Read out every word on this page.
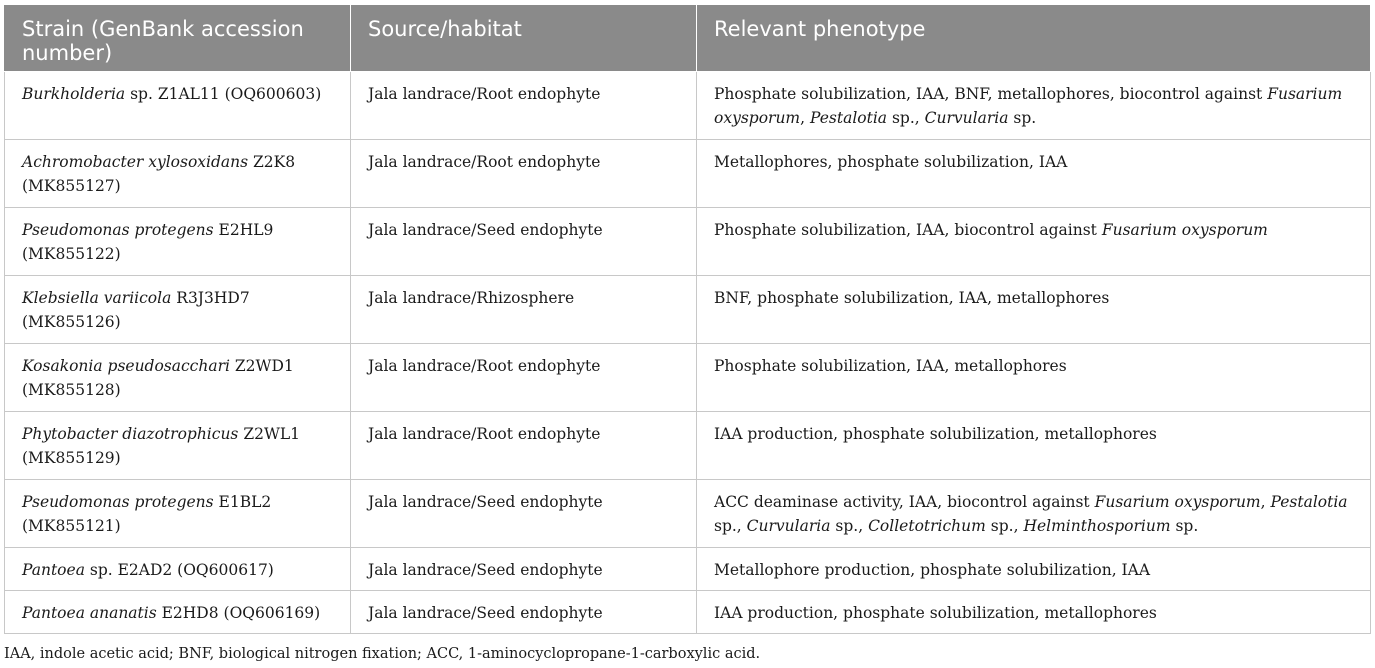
Strain (GenBank accession number)	Source/habitat	Relevant phenotype
Burkholderia sp. Z1AL11 (OQ600603)	Jala landrace/Root endophyte	Phosphate solubilization, IAA, BNF, metallophores, biocontrol against Fusarium oxysporum, Pestalotia sp., Curvularia sp.
Achromobacter xylosoxidans Z2K8 (MK855127)	Jala landrace/Root endophyte	Metallophores, phosphate solubilization, IAA
Pseudomonas protegens E2HL9 (MK855122)	Jala landrace/Seed endophyte	Phosphate solubilization, IAA, biocontrol against Fusarium oxysporum
Klebsiella variicola R3J3HD7 (MK855126)	Jala landrace/Rhizosphere	BNF, phosphate solubilization, IAA, metallophores
Kosakonia pseudosacchari Z2WD1 (MK855128)	Jala landrace/Root endophyte	Phosphate solubilization, IAA, metallophores
Phytobacter diazotrophicus Z2WL1 (MK855129)	Jala landrace/Root endophyte	IAA production, phosphate solubilization, metallophores
Pseudomonas protegens E1BL2 (MK855121)	Jala landrace/Seed endophyte	ACC deaminase activity, IAA, biocontrol against Fusarium oxysporum, Pestalotia sp., Curvularia sp., Colletotrichum sp., Helminthosporium sp.
Pantoea sp. E2AD2 (OQ600617)	Jala landrace/Seed endophyte	Metallophore production, phosphate solubilization, IAA
Pantoea ananatis E2HD8 (OQ606169)	Jala landrace/Seed endophyte	IAA production, phosphate solubilization, metallophores
IAA, indole acetic acid; BNF, biological nitrogen fixation; ACC, 1-aminocyclopropane-1-carboxylic acid.
